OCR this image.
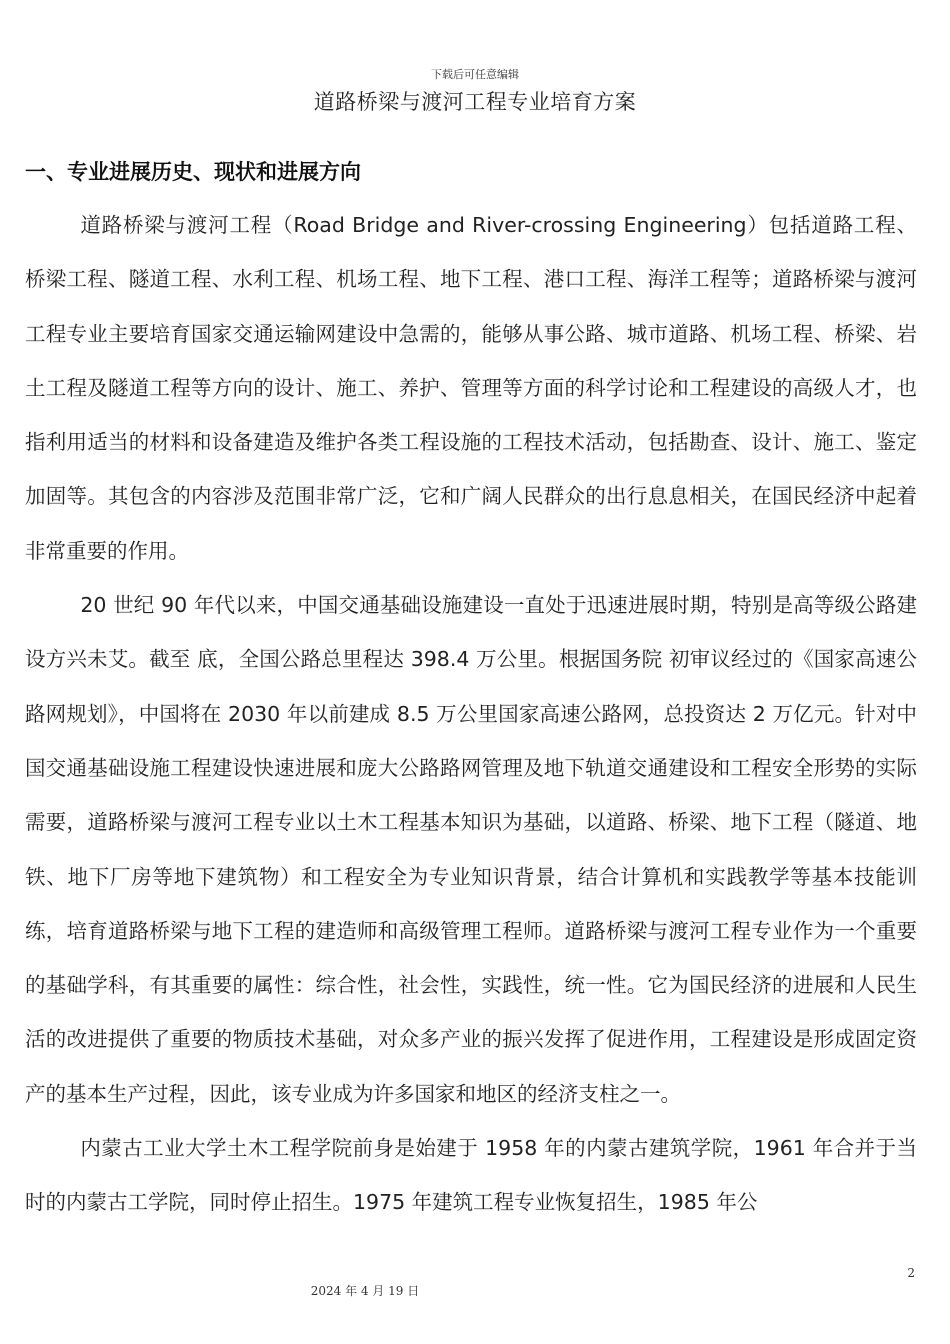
下载后可任意编辑
道路桥梁与渡河工程专业培育方案
一、专业进展历史、现状和进展方向

道路桥梁与渡河工程（Road Bridge and River-crossing Engineering）包括道路工程、桥梁工程、隧道工程、水利工程、机场工程、地下工程、港口工程、海洋工程等；道路桥梁与渡河工程专业主要培育国家交通运输网建设中急需的，能够从事公路、城市道路、机场工程、桥梁、岩土工程及隧道工程等方向的设计、施工、养护、管理等方面的科学讨论和工程建设的高级人才，也指利用适当的材料和设备建造及维护各类工程设施的工程技术活动，包括勘查、设计、施工、鉴定加固等。其包含的内容涉及范围非常广泛，它和广阔人民群众的出行息息相关，在国民经济中起着非常重要的作用。

20 世纪 90 年代以来，中国交通基础设施建设一直处于迅速进展时期，特别是高等级公路建设方兴未艾。截至 底，全国公路总里程达 398.4 万公里。根据国务院 初审议经过的《国家高速公路网规划》，中国将在 2030 年以前建成 8.5 万公里国家高速公路网，总投资达 2 万亿元。针对中国交通基础设施工程建设快速进展和庞大公路路网管理及地下轨道交通建设和工程安全形势的实际需要，道路桥梁与渡河工程专业以土木工程基本知识为基础，以道路、桥梁、地下工程（隧道、地铁、地下厂房等地下建筑物）和工程安全为专业知识背景，结合计算机和实践教学等基本技能训练，培育道路桥梁与地下工程的建造师和高级管理工程师。道路桥梁与渡河工程专业作为一个重要的基础学科，有其重要的属性：综合性，社会性，实践性，统一性。它为国民经济的进展和人民生活的改进提供了重要的物质技术基础，对众多产业的振兴发挥了促进作用，工程建设是形成固定资产的基本生产过程，因此，该专业成为许多国家和地区的经济支柱之一。

内蒙古工业大学土木工程学院前身是始建于 1958 年的内蒙古建筑学院，1961 年合并于当时的内蒙古工学院，同时停止招生。1975 年建筑工程专业恢复招生，1985 年公

2
2024 年 4 月 19 日
